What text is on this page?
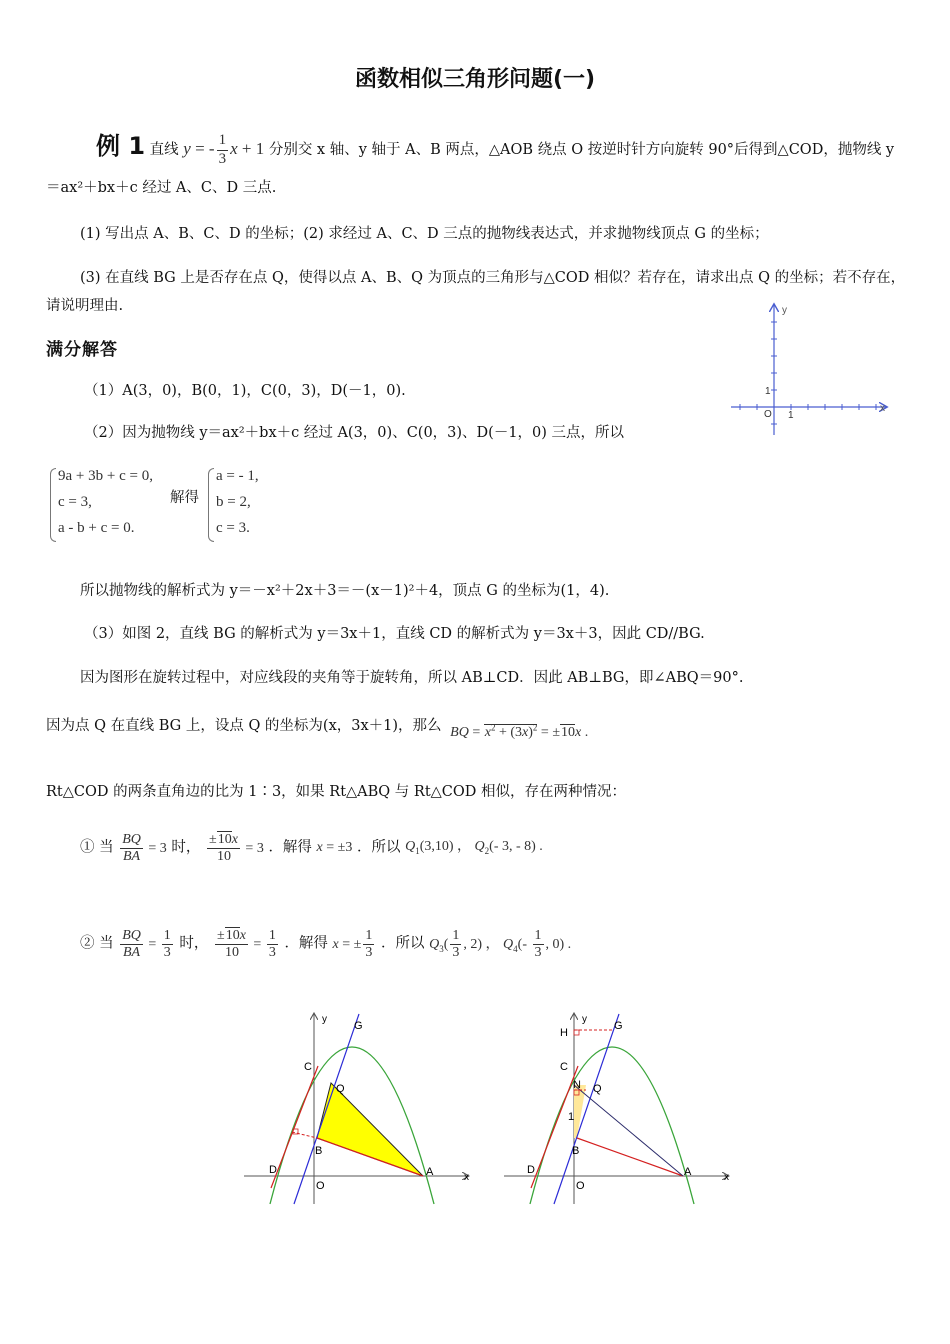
函数相似三角形问题(一)
例 1 直线 y = - $\frac{1}{3}$ x + 1 分别交 x 轴、y 轴于 A、B 两点，△AOB 绕点 O 按逆时针方向旋转 90°后得到△COD，抛物线 y
＝ax²＋bx＋c 经过 A、C、D 三点.
(1) 写出点 A、B、C、D 的坐标；(2) 求经过 A、C、D 三点的抛物线表达式，并求抛物线顶点 G 的坐标；
(3) 在直线 BG 上是否存在点 Q，使得以点 A、B、Q 为顶点的三角形与△COD 相似？若存在，请求出点 Q 的坐标；若不存在，
请说明理由.	y
x
O 1
1
满分解答
（1）A(3，0)，B(0，1)，C(0，3)，D(－1，0).
（2）因为抛物线 y＝ax²＋bx＋c 经过 A(3，0)、C(0，3)、D(－1，0) 三点，所以
9a + 3b + c = 0,
c = 3,
a - b + c = 0.
解得
a = - 1,
b = 2,
c = 3.
所以抛物线的解析式为 y＝－x²＋2x＋3＝－(x－1)²＋4，顶点 G 的坐标为(1，4).
（3）如图 2，直线 BG 的解析式为 y＝3x＋1，直线 CD 的解析式为 y＝3x＋3，因此 CD//BG.
因为图形在旋转过程中，对应线段的夹角等于旋转角，所以 AB⊥CD．因此 AB⊥BG，即∠ABQ＝90°.
因为点 Q 在直线 BG 上，设点 Q 的坐标为(x，3x＋1)，那么 BQ = $x^2 + (3x)^2 = \pm 10x$ .
Rt△COD 的两条直角边的比为 1∶3，如果 Rt△ABQ 与 Rt△COD 相似，存在两种情况：
① 当 $\frac{BQ}{BA} = 3$ 时， $\frac{\pm 10x}{10} = 3$ ．解得 x = ±3 ．所以 $Q_1(3,10)$ ， $Q_2(-$ 3, - 8) .
② 当 $\frac{BQ}{BA} = \frac{1}{3}$ 时， $\frac{\pm 10x}{10} = \frac{1}{3}$ ．解得 x = ± $\frac{1}{3}$ ．所以 $Q_3( \frac{1}{3}$ , 2) ， $Q_4(- \frac{1}{3}$ , 0) .
y
x
G
C
Q
B
D
O
A
y
x
H
G
C
N Q
1
B
D
O
A
